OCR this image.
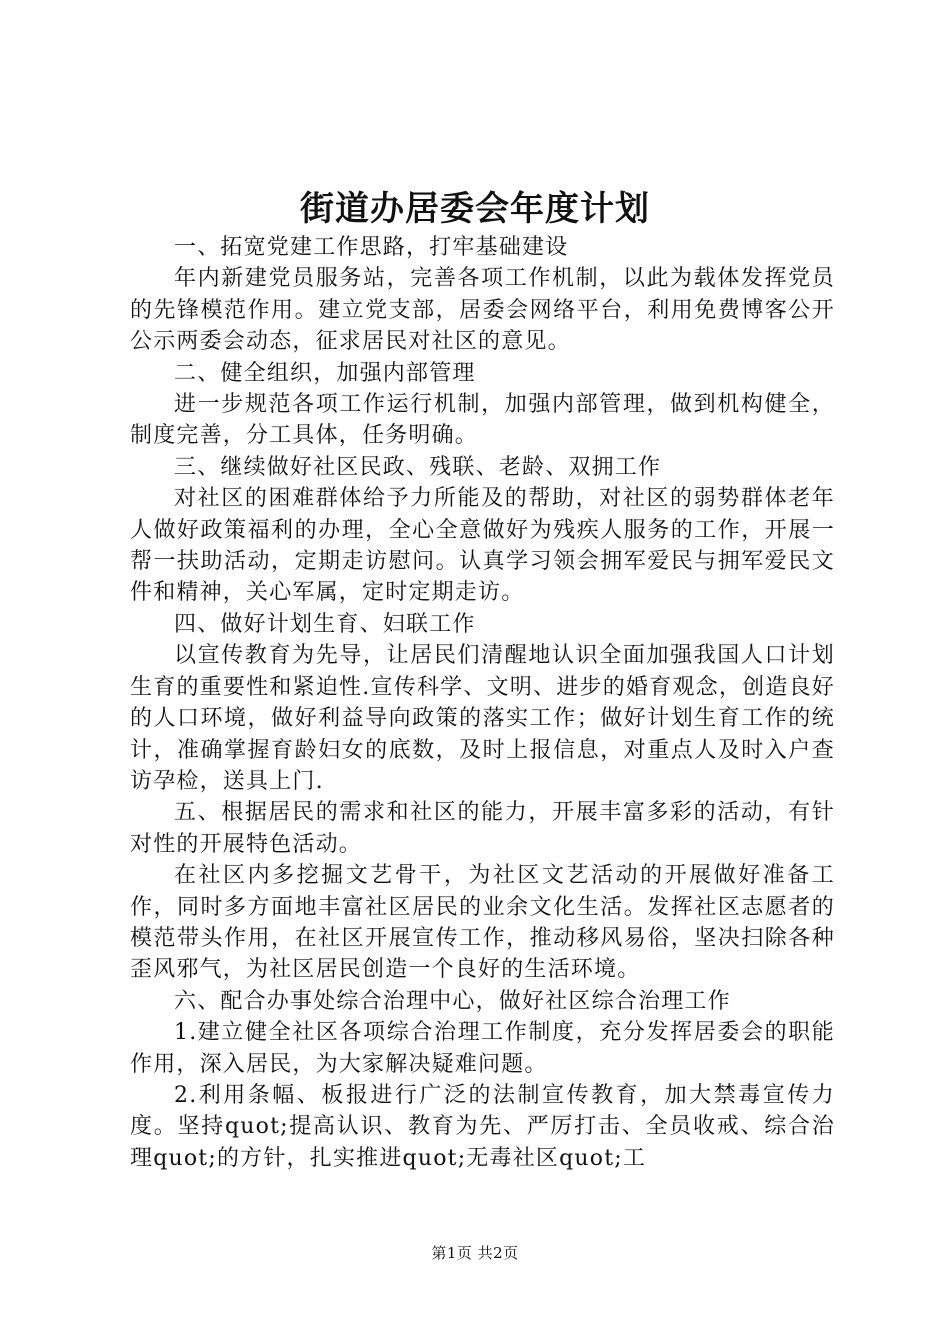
街道办居委会年度计划

一、拓宽党建工作思路，打牢基础建设

年内新建党员服务站，完善各项工作机制，以此为载体发挥党员的先锋模范作用。建立党支部，居委会网络平台，利用免费博客公开公示两委会动态，征求居民对社区的意见。

二、健全组织，加强内部管理

进一步规范各项工作运行机制，加强内部管理，做到机构健全，制度完善，分工具体，任务明确。

三、继续做好社区民政、残联、老龄、双拥工作

对社区的困难群体给予力所能及的帮助，对社区的弱势群体老年人做好政策福利的办理，全心全意做好为残疾人服务的工作，开展一帮一扶助活动，定期走访慰问。认真学习领会拥军爱民与拥军爱民文件和精神，关心军属，定时定期走访。

四、做好计划生育、妇联工作

以宣传教育为先导，让居民们清醒地认识全面加强我国人口计划生育的重要性和紧迫性.宣传科学、文明、进步的婚育观念，创造良好的人口环境，做好利益导向政策的落实工作；做好计划生育工作的统计，准确掌握育龄妇女的底数，及时上报信息，对重点人及时入户查访孕检，送具上门.

五、根据居民的需求和社区的能力，开展丰富多彩的活动，有针对性的开展特色活动。

在社区内多挖掘文艺骨干，为社区文艺活动的开展做好准备工作，同时多方面地丰富社区居民的业余文化生活。发挥社区志愿者的模范带头作用，在社区开展宣传工作，推动移风易俗，坚决扫除各种歪风邪气，为社区居民创造一个良好的生活环境。

六、配合办事处综合治理中心，做好社区综合治理工作

1.建立健全社区各项综合治理工作制度，充分发挥居委会的职能作用，深入居民，为大家解决疑难问题。

2.利用条幅、板报进行广泛的法制宣传教育，加大禁毒宣传力度。坚持quot;提高认识、教育为先、严厉打击、全员收戒、综合治理quot;的方针，扎实推进quot;无毒社区quot;工

第1页 共2页
